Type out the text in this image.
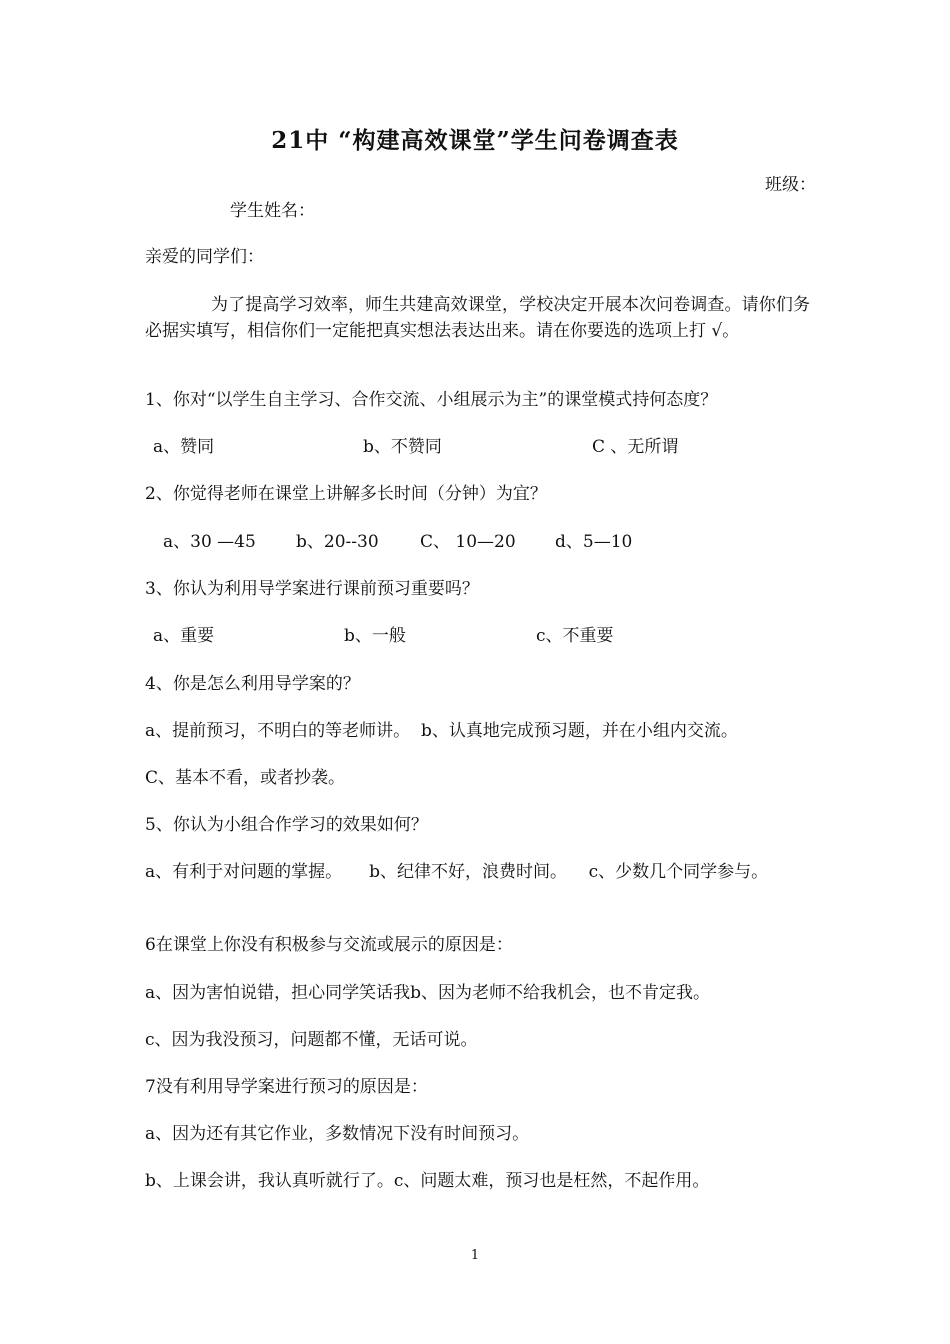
21中 “构建高效课堂”学生问卷调查表
班级：
学生姓名：
亲爱的同学们：
为了提高学习效率，师生共建高效课堂，学校决定开展本次问卷调查。请你们务必据实填写，相信你们一定能把真实想法表达出来。请在你要选的选项上打 √。
1、你对“以学生自主学习、合作交流、小组展示为主”的课堂模式持何态度？
a、赞同	b、不赞同	C 、无所谓
2、你觉得老师在课堂上讲解多长时间（分钟）为宜？
a、30 —45 b、20--30 C、 10—20 d、5—10
3、你认为利用导学案进行课前预习重要吗？
a、重要	b、一般	c、不重要
4、你是怎么利用导学案的？
a、提前预习，不明白的等老师讲。  b、认真地完成预习题，并在小组内交流。
C、基本不看，或者抄袭。
5、你认为小组合作学习的效果如何？
a、有利于对问题的掌握。     b、纪律不好，浪费时间。    c、少数几个同学参与。
6在课堂上你没有积极参与交流或展示的原因是：
a、因为害怕说错，担心同学笑话我b、因为老师不给我机会，也不肯定我。
c、因为我没预习，问题都不懂，无话可说。
7没有利用导学案进行预习的原因是：
a、因为还有其它作业，多数情况下没有时间预习。
b、上课会讲，我认真听就行了。c、问题太难，预习也是枉然，不起作用。
1
